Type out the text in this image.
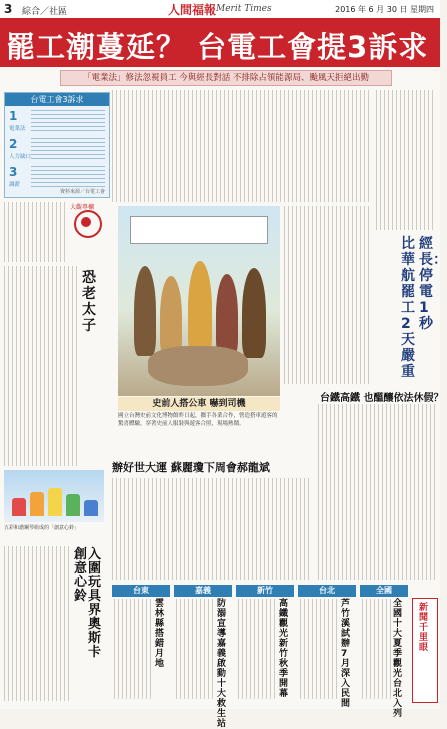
3 綜合／社區	人間福報 Merit Times	2016 年 6 月 30 日 星期四
罷工潮蔓延？ 台電工會提3訴求
「電業法」修法忽視員工 今與經長對話 不排除占領能源局、颱風天拒絕出勤
台電工會3訴求
1
電業法
2
人力缺口
3
調薪
資料來源／台電工會
大觀專欄
恐老太子
五彩和諧鋼琴組成的「創意心鈴」
創意心鈴
入圍玩具界奧斯卡
史前人搭公車 嚇到司機
國立台灣史前文化博物館昨日起，攜手各業合作，營造搭車遊客的驚喜體驗，穿著史前人服裝與遊客合照，現場熱鬧。
經長：停電1秒
比華航罷工2天嚴重
台鐵高鐵 也醞釀依法休假？
辦好世大運 蘇麗瓊下周會郝龍斌
台東
雲林縣搭錯月地
嘉義
防溺宣導 嘉義啟動十大救生站
新竹
高鐵觀光 新竹 秋季開幕
台北
芦竹溪試辦 7月深入民間
全國
全國十大夏季觀光 台北入列
新聞千里眼
